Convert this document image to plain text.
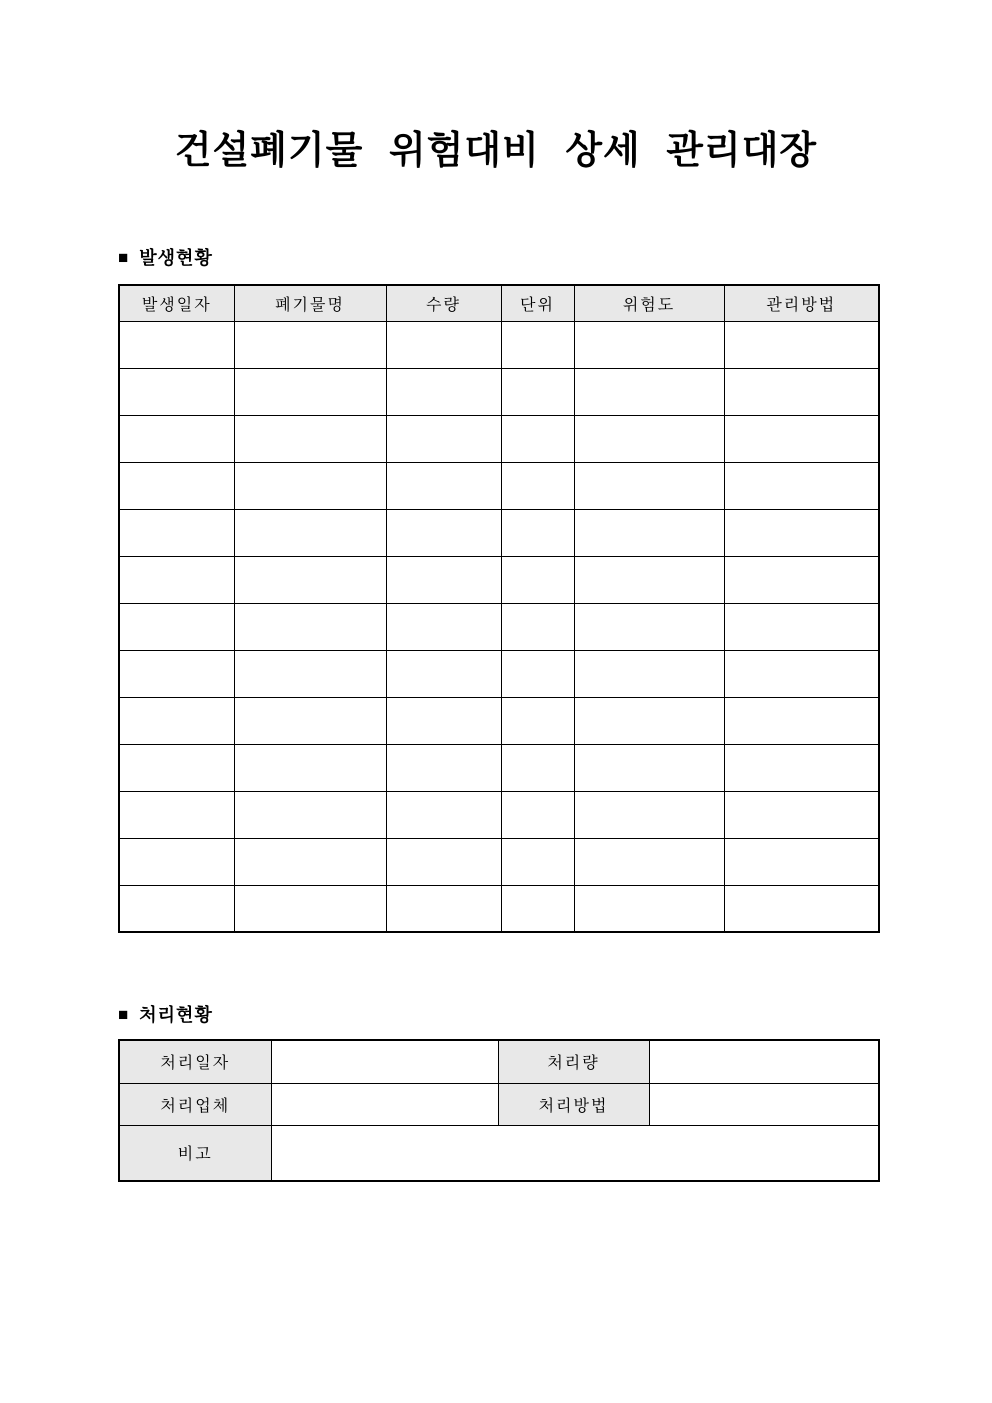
건설폐기물 위험대비 상세 관리대장
■ 발생현황
발생일자	폐기물명	수량	단위	위험도	관리방법

■ 처리현황
처리일자		처리량	
처리업체		처리방법	
비고			
